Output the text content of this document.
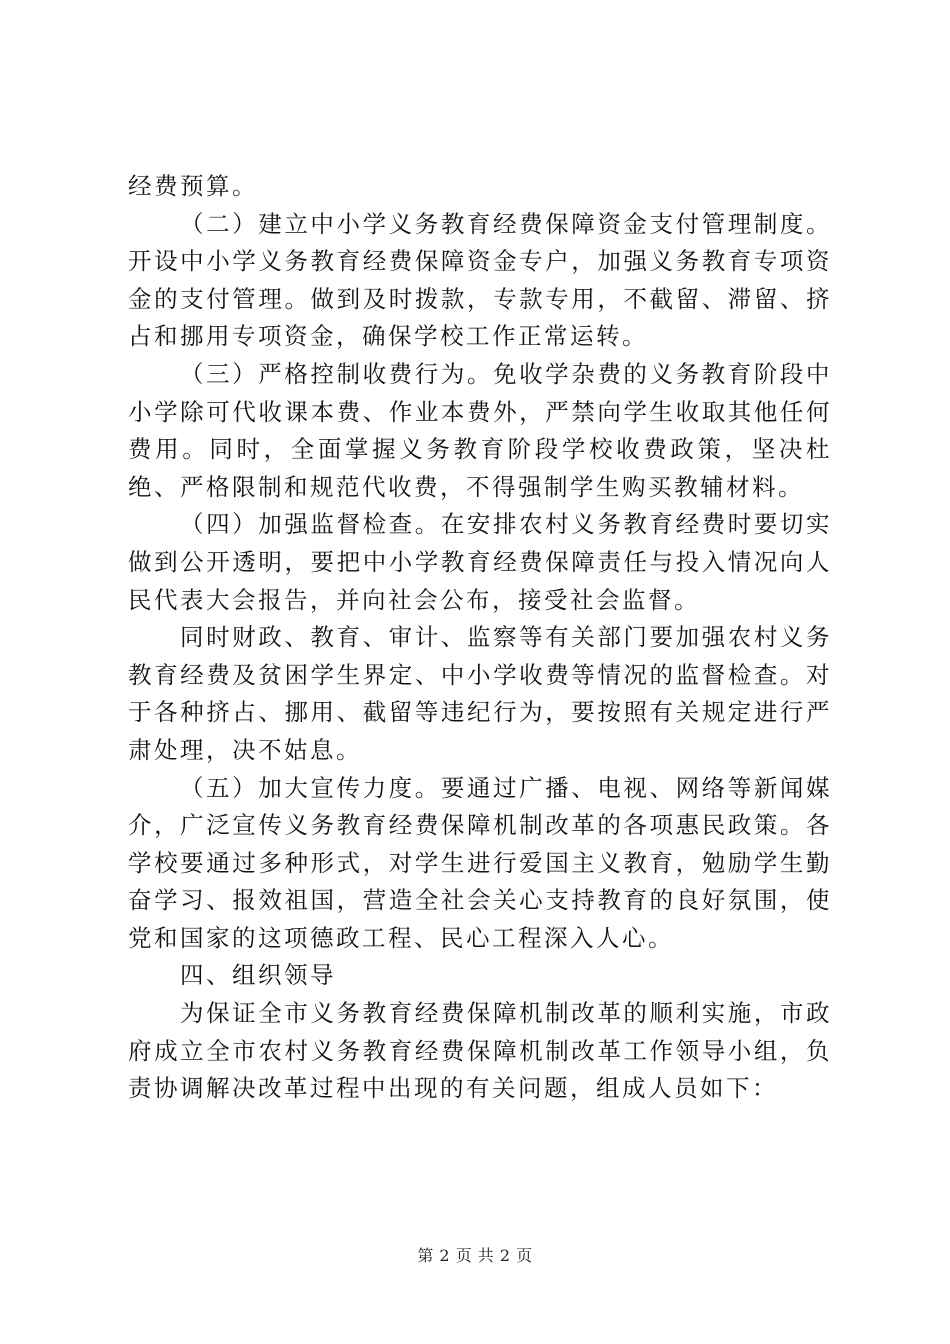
经费预算。

（二）建立中小学义务教育经费保障资金支付管理制度。开设中小学义务教育经费保障资金专户，加强义务教育专项资金的支付管理。做到及时拨款，专款专用，不截留、滞留、挤占和挪用专项资金，确保学校工作正常运转。

（三）严格控制收费行为。免收学杂费的义务教育阶段中小学除可代收课本费、作业本费外，严禁向学生收取其他任何费用。同时，全面掌握义务教育阶段学校收费政策，坚决杜绝、严格限制和规范代收费，不得强制学生购买教辅材料。

（四）加强监督检查。在安排农村义务教育经费时要切实做到公开透明，要把中小学教育经费保障责任与投入情况向人民代表大会报告，并向社会公布，接受社会监督。

同时财政、教育、审计、监察等有关部门要加强农村义务教育经费及贫困学生界定、中小学收费等情况的监督检查。对于各种挤占、挪用、截留等违纪行为，要按照有关规定进行严肃处理，决不姑息。

（五）加大宣传力度。要通过广播、电视、网络等新闻媒介，广泛宣传义务教育经费保障机制改革的各项惠民政策。各学校要通过多种形式，对学生进行爱国主义教育，勉励学生勤奋学习、报效祖国，营造全社会关心支持教育的良好氛围，使党和国家的这项德政工程、民心工程深入人心。

四、组织领导

为保证全市义务教育经费保障机制改革的顺利实施，市政府成立全市农村义务教育经费保障机制改革工作领导小组，负责协调解决改革过程中出现的有关问题，组成人员如下：

第 2 页 共 2 页
